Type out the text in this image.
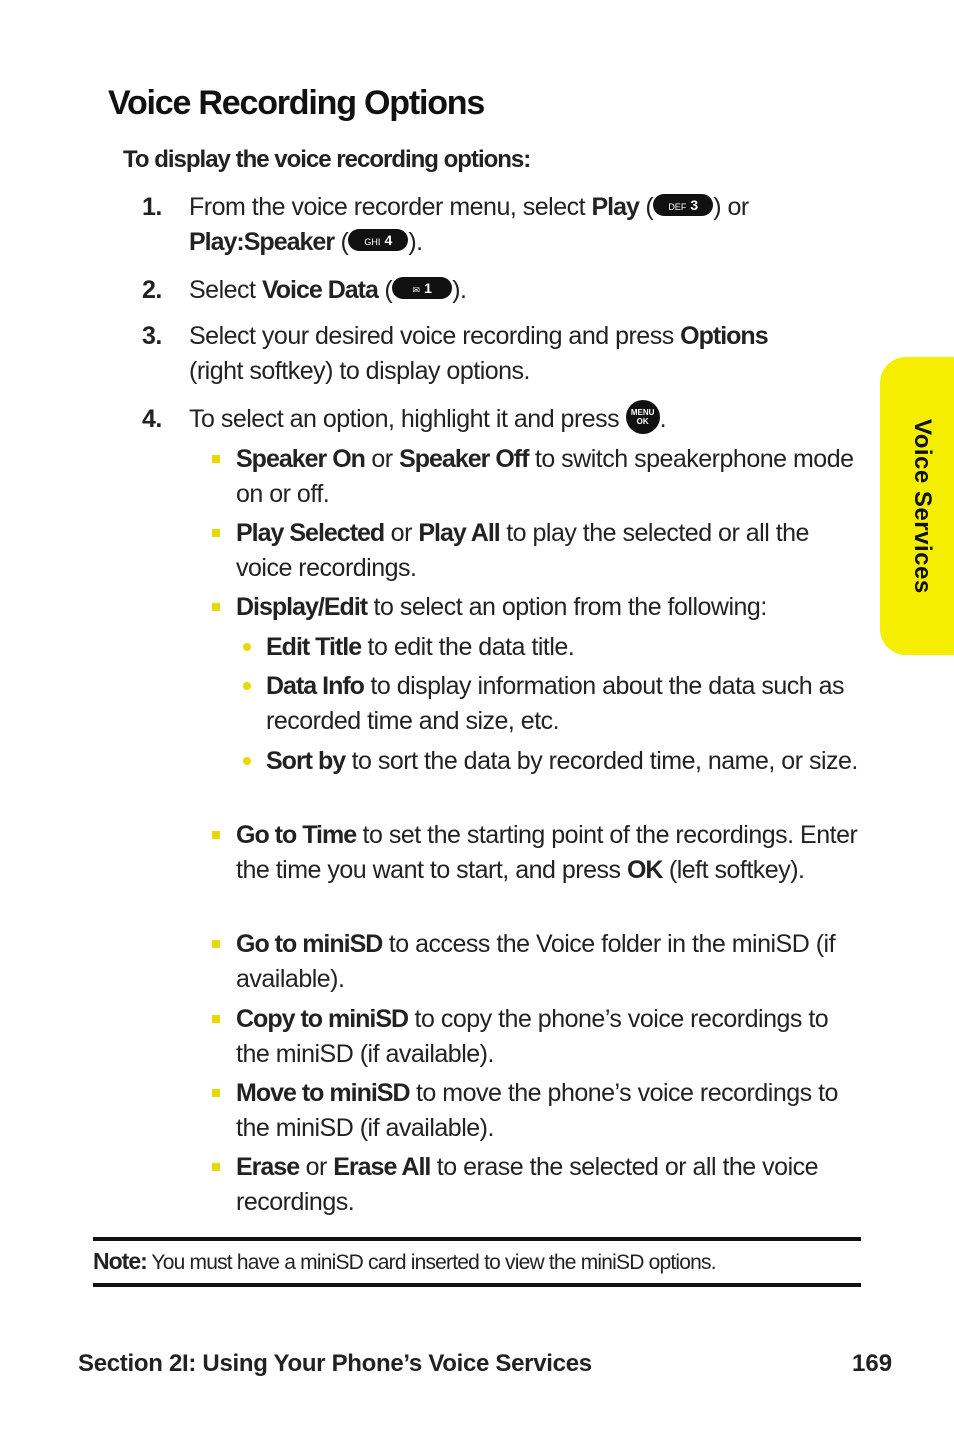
Voice Recording Options
To display the voice recording options:
1. From the voice recorder menu, select Play ( DEF 3 ) or
Play:Speaker ( GHI 4 ).
2. Select Voice Data ( ✉ 1 ).
3. Select your desired voice recording and press Options
(right softkey) to display options.
4. To select an option, highlight it and press MENU
OK .
Speaker On or Speaker Off to switch speakerphone mode on or off.
Play Selected or Play All to play the selected or all the voice recordings.
Display/Edit to select an option from the following:
Edit Title to edit the data title.
Data Info to display information about the data such as recorded time and size, etc.
Sort by to sort the data by recorded time, name, or size.
Go to Time to set the starting point of the recordings. Enter the time you want to start, and press OK (left softkey).
Go to miniSD to access the Voice folder in the miniSD (if available).
Copy to miniSD to copy the phone’s voice recordings to the miniSD (if available).
Move to miniSD to move the phone’s voice recordings to the miniSD (if available).
Erase or Erase All to erase the selected or all the voice recordings.
Note: You must have a miniSD card inserted to view the miniSD options.
Voice Services
Section 2I: Using Your Phone’s Voice Services	169
